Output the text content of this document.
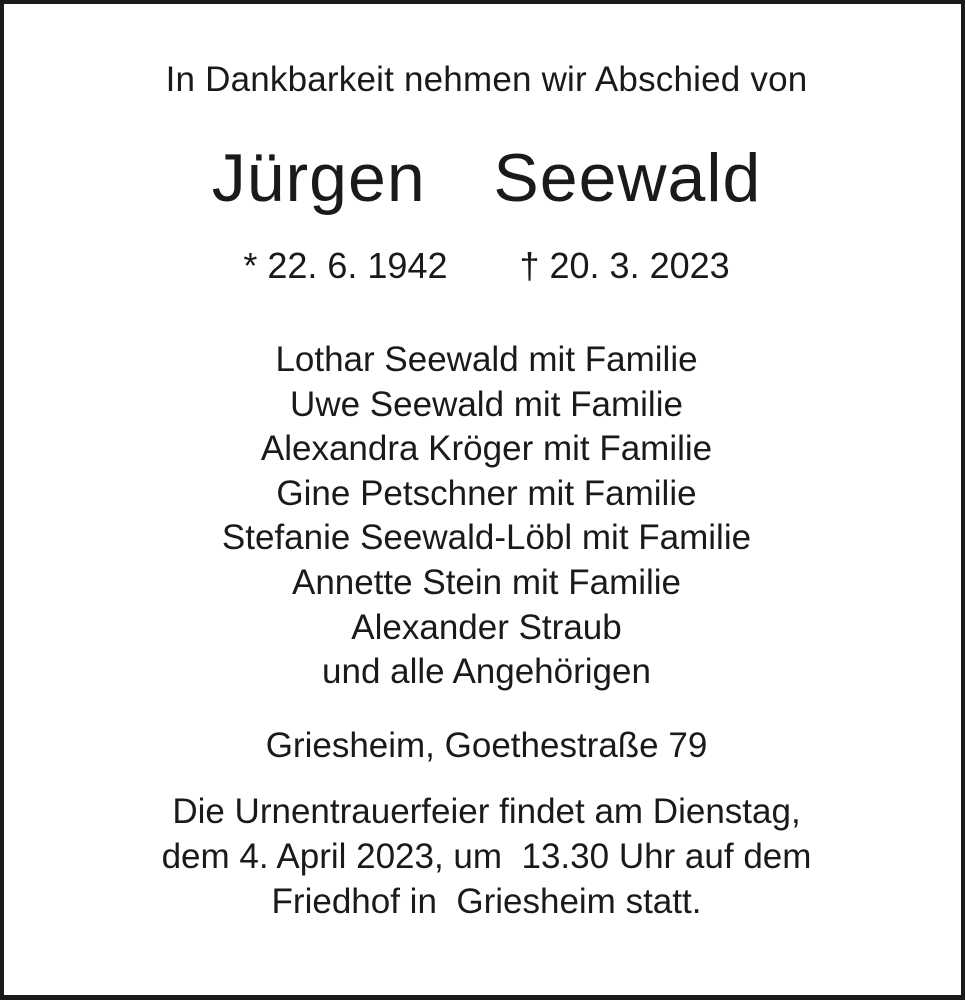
In Dankbarkeit nehmen wir Abschied von
Jürgen  Seewald
* 22. 6. 1942 † 20. 3. 2023
Lothar Seewald mit Familie
Uwe Seewald mit Familie
Alexandra Kröger mit Familie
Gine Petschner mit Familie
Stefanie Seewald-Löbl mit Familie
Annette Stein mit Familie
Alexander Straub
und alle Angehörigen
Griesheim, Goethestraße 79
Die Urnentrauerfeier findet am Dienstag,
dem 4. April 2023, um  13.30 Uhr auf dem
Friedhof in  Griesheim statt.
